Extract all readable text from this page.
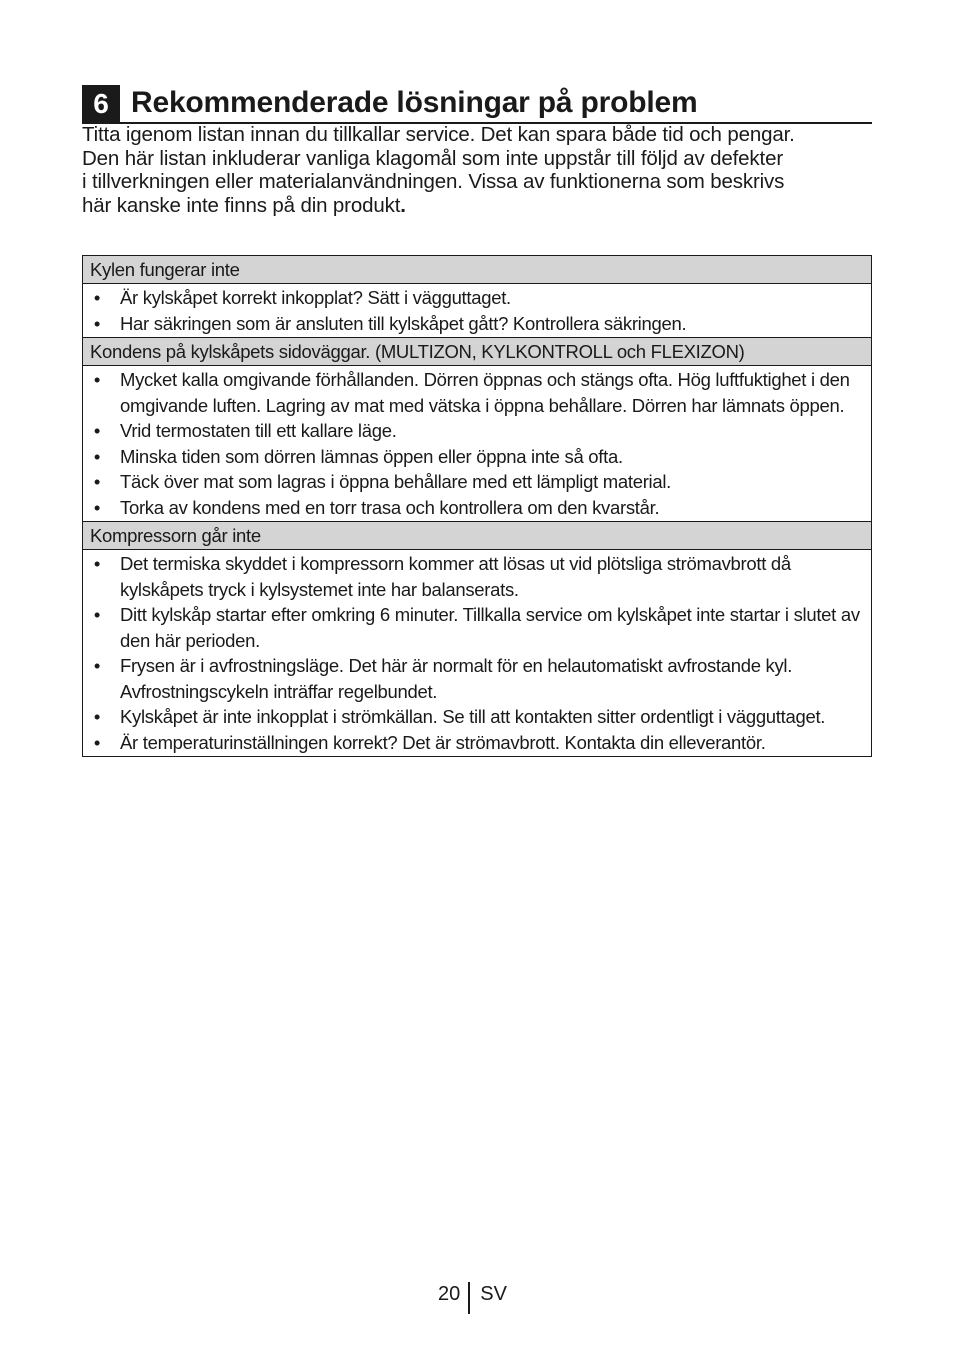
6 Rekommenderade lösningar på problem
Titta igenom listan innan du tillkallar service. Det kan spara både tid och pengar.
Den här listan inkluderar vanliga klagomål som inte uppstår till följd av defekter
i tillverkningen eller materialanvändningen. Vissa av funktionerna som beskrivs
här kanske inte finns på din produkt.
Kylen fungerar inte

• Är kylskåpet korrekt inkopplat? Sätt i vägguttaget.
• Har säkringen som är ansluten till kylskåpet gått? Kontrollera säkringen.

Kondens på kylskåpets sidoväggar. (MULTIZON, KYLKONTROLL och FLEXIZON)

• Mycket kalla omgivande förhållanden. Dörren öppnas och stängs ofta. Hög luftfuktighet i den omgivande luften. Lagring av mat med vätska i öppna behållare. Dörren har lämnats öppen.
• Vrid termostaten till ett kallare läge.
• Minska tiden som dörren lämnas öppen eller öppna inte så ofta.
• Täck över mat som lagras i öppna behållare med ett lämpligt material.
• Torka av kondens med en torr trasa och kontrollera om den kvarstår.

Kompressorn går inte

• Det termiska skyddet i kompressorn kommer att lösas ut vid plötsliga strömavbrott då kylskåpets tryck i kylsystemet inte har balanserats.
• Ditt kylskåp startar efter omkring 6 minuter. Tillkalla service om kylskåpet inte startar i slutet av den här perioden.
• Frysen är i avfrostningsläge. Det här är normalt för en helautomatiskt avfrostande kyl. Avfrostningscykeln inträffar regelbundet.
• Kylskåpet är inte inkopplat i strömkällan. Se till att kontakten sitter ordentligt i vägguttaget.
• Är temperaturinställningen korrekt? Det är strömavbrott. Kontakta din elleverantör.
20 SV
